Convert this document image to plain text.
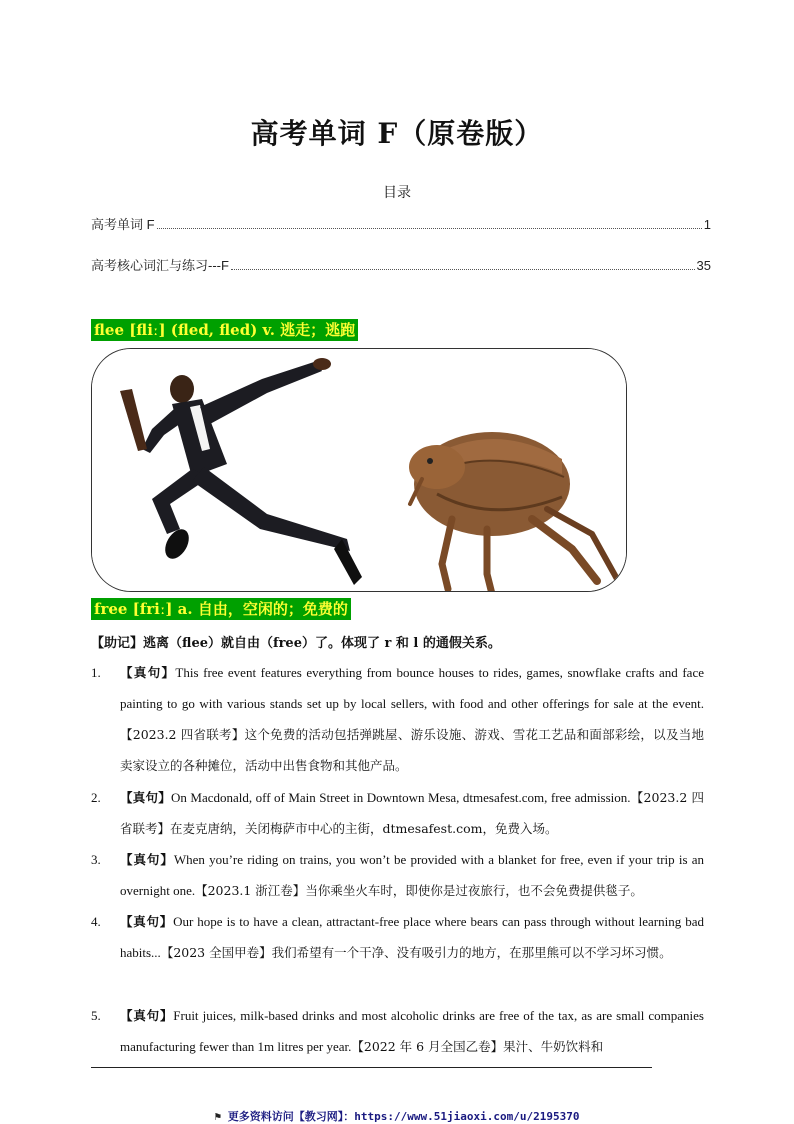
高考单词 F（原卷版）
目录
高考单词 F	1
高考核心词汇与练习---F	35
flee [fliː] (fled, fled) v. 逃走；逃跑
free [friː] a. 自由，空闲的；免费的
【助记】逃离（flee）就自由（free）了。体现了 r 和 l 的通假关系。
1. 【真句】This free event features everything from bounce houses to rides, games, snowflake crafts and face painting to go with various stands set up by local sellers, with food and other offerings for sale at the event.【2023.2 四省联考】这个免费的活动包括弹跳屋、游乐设施、游戏、雪花工艺品和面部彩绘，以及当地卖家设立的各种摊位，活动中出售食物和其他产品。
2. 【真句】On Macdonald, off of Main Street in Downtown Mesa, dtmesafest.com, free admission.【2023.2 四省联考】在麦克唐纳，关闭梅萨市中心的主街，dtmesafest.com，免费入场。
3. 【真句】When you’re riding on trains, you won’t be provided with a blanket for free, even if your trip is an overnight one.【2023.1 浙江卷】当你乘坐火车时，即使你是过夜旅行，也不会免费提供毯子。
4. 【真句】Our hope is to have a clean, attractant-free place where bears can pass through without learning bad habits...【2023 全国甲卷】我们希望有一个干净、没有吸引力的地方，在那里熊可以不学习坏习惯。
5. 【真句】Fruit juices, milk-based drinks and most alcoholic drinks are free of the tax, as are small companies manufacturing fewer than 1m litres per year.【2022 年 6 月全国乙卷】果汁、牛奶饮料和
⚑ 更多资料访问【教习网】：https://www.51jiaoxi.com/u/2195370
